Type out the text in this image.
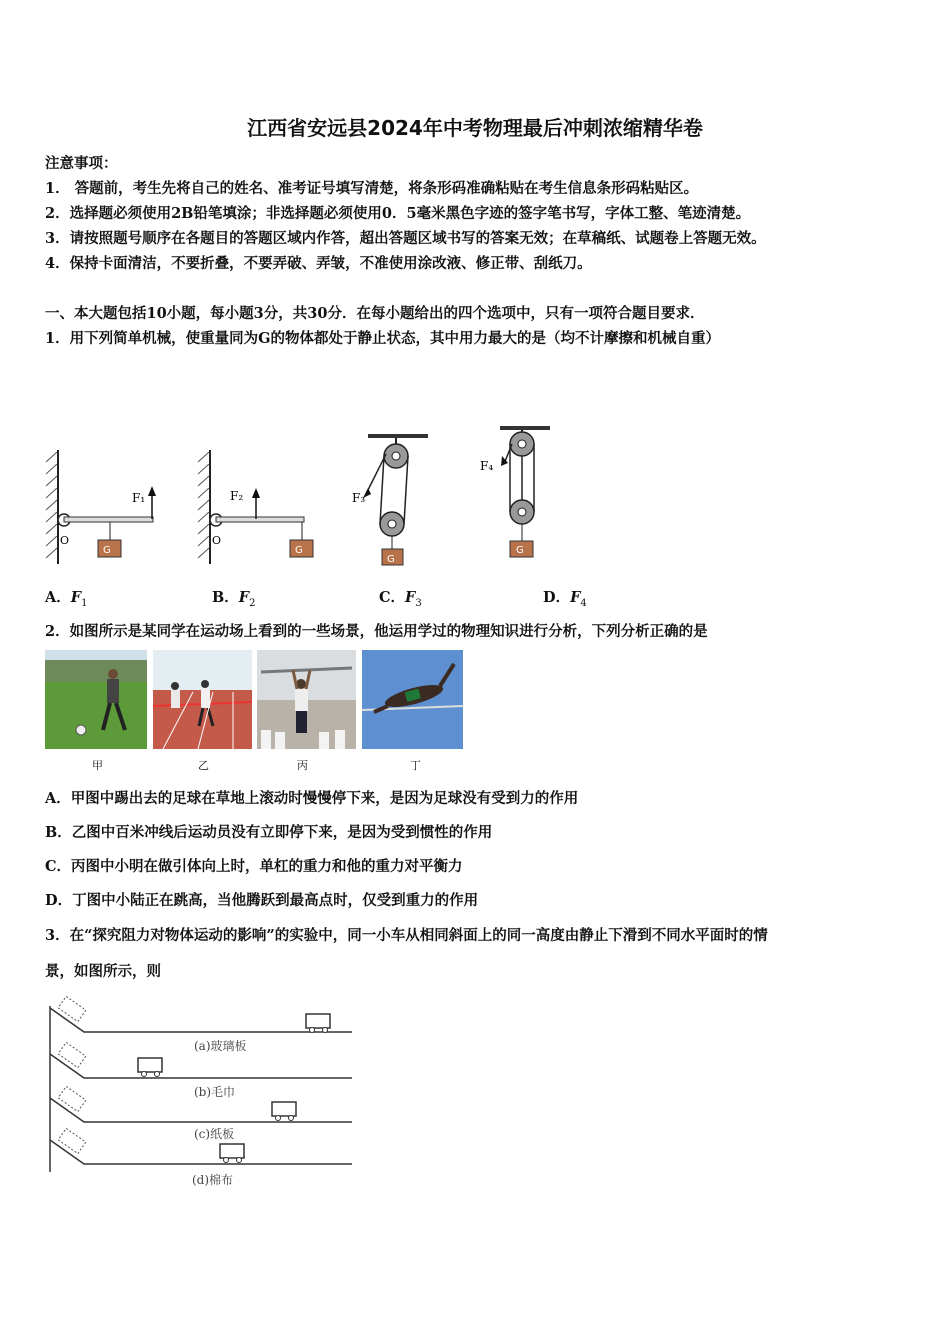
江西省安远县2024年中考物理最后冲刺浓缩精华卷
注意事项：
1． 答题前，考生先将自己的姓名、准考证号填写清楚，将条形码准确粘贴在考生信息条形码粘贴区。
2．选择题必须使用2B铅笔填涂；非选择题必须使用0．5毫米黑色字迹的签字笔书写，字体工整、笔迹清楚。
3．请按照题号顺序在各题目的答题区域内作答，超出答题区域书写的答案无效；在草稿纸、试题卷上答题无效。
4．保持卡面清洁，不要折叠，不要弄破、弄皱，不准使用涂改液、修正带、刮纸刀。
一、本大题包括10小题，每小题3分，共30分．在每小题给出的四个选项中，只有一项符合题目要求．
1．用下列简单机械，使重量同为G的物体都处于静止状态，其中用力最大的是（均不计摩擦和机械自重）
F₁
O
G
F₂
O
G
F₃
G
F₄
G
A．$F_1$	B．$F_2$	C．$F_3$	D．$F_4$
2．如图所示是某同学在运动场上看到的一些场景，他运用学过的物理知识进行分析，下列分析正确的是
甲	乙	丙	丁
A．甲图中踢出去的足球在草地上滚动时慢慢停下来，是因为足球没有受到力的作用
B．乙图中百米冲线后运动员没有立即停下来，是因为受到惯性的作用
C．丙图中小明在做引体向上时，单杠的重力和他的重力对平衡力
D．丁图中小陆正在跳高，当他腾跃到最高点时，仅受到重力的作用
3．在“探究阻力对物体运动的影响”的实验中，同一小车从相同斜面上的同一高度由静止下滑到不同水平面时的情
景，如图所示，则
(a)玻璃板
(b)毛巾
(c)纸板
(d)棉布
